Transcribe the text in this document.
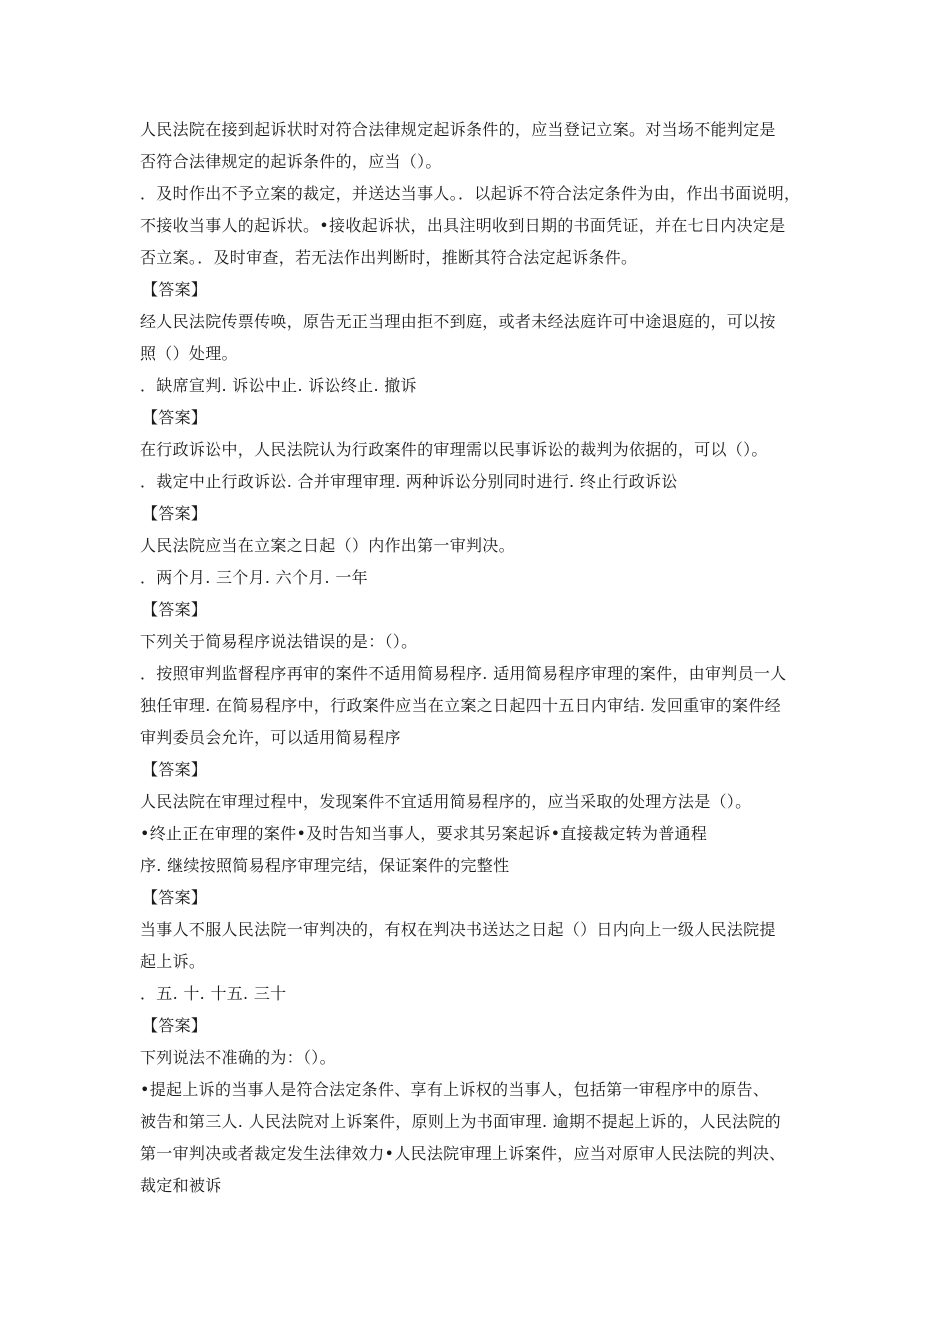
人民法院在接到起诉状时对符合法律规定起诉条件的，应当登记立案。对当场不能判定是
否符合法律规定的起诉条件的，应当（）。
．及时作出不予立案的裁定，并送达当事人。．以起诉不符合法定条件为由，作出书面说明，
不接收当事人的起诉状。•接收起诉状，出具注明收到日期的书面凭证，并在七日内决定是
否立案。．及时审查，若无法作出判断时，推断其符合法定起诉条件。
【答案】
经人民法院传票传唤，原告无正当理由拒不到庭，或者未经法庭许可中途退庭的，可以按
照（）处理。
．缺席宣判. 诉讼中止. 诉讼终止. 撤诉
【答案】
在行政诉讼中，人民法院认为行政案件的审理需以民事诉讼的裁判为依据的，可以（）。
．裁定中止行政诉讼. 合并审理审理. 两种诉讼分别同时进行. 终止行政诉讼
【答案】
人民法院应当在立案之日起（）内作出第一审判决。
．两个月. 三个月. 六个月. 一年
【答案】
下列关于简易程序说法错误的是：（）。
．按照审判监督程序再审的案件不适用简易程序. 适用简易程序审理的案件，由审判员一人
独任审理. 在简易程序中，行政案件应当在立案之日起四十五日内审结. 发回重审的案件经
审判委员会允许，可以适用简易程序
【答案】
人民法院在审理过程中，发现案件不宜适用简易程序的，应当采取的处理方法是（）。
•终止正在审理的案件•及时告知当事人，要求其另案起诉•直接裁定转为普通程
序. 继续按照简易程序审理完结，保证案件的完整性
【答案】
当事人不服人民法院一审判决的，有权在判决书送达之日起（）日内向上一级人民法院提
起上诉。
．五. 十. 十五. 三十
【答案】
下列说法不准确的为：（）。
•提起上诉的当事人是符合法定条件、享有上诉权的当事人，包括第一审程序中的原告、
被告和第三人. 人民法院对上诉案件，原则上为书面审理. 逾期不提起上诉的，人民法院的
第一审判决或者裁定发生法律效力•人民法院审理上诉案件，应当对原审人民法院的判决、
裁定和被诉
